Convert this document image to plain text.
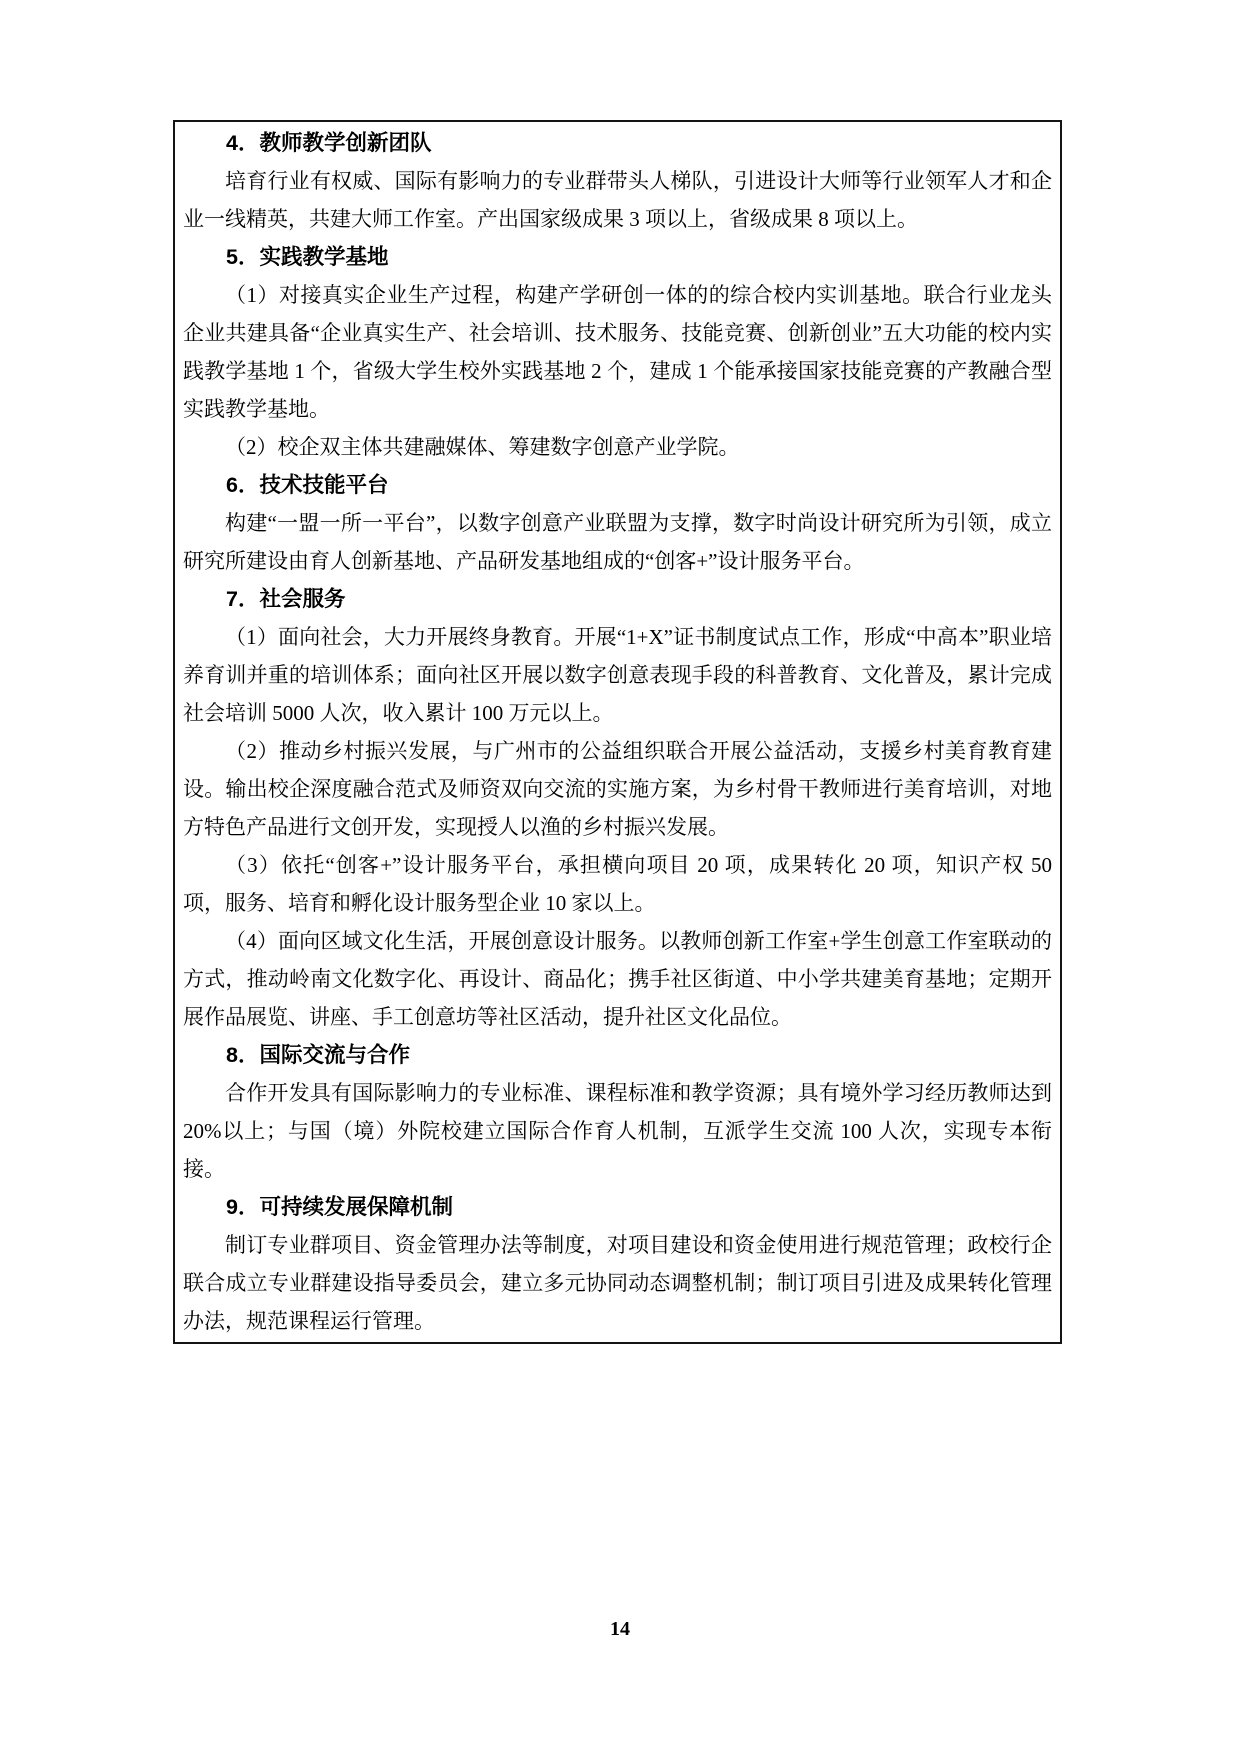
4．教师教学创新团队

培育行业有权威、国际有影响力的专业群带头人梯队，引进设计大师等行业领军人才和企业一线精英，共建大师工作室。产出国家级成果 3 项以上，省级成果 8 项以上。

5．实践教学基地

（1）对接真实企业生产过程，构建产学研创一体的的综合校内实训基地。联合行业龙头企业共建具备“企业真实生产、社会培训、技术服务、技能竞赛、创新创业”五大功能的校内实践教学基地 1 个，省级大学生校外实践基地 2 个，建成 1 个能承接国家技能竞赛的产教融合型实践教学基地。

（2）校企双主体共建融媒体、筹建数字创意产业学院。

6．技术技能平台

构建“一盟一所一平台”，以数字创意产业联盟为支撑，数字时尚设计研究所为引领，成立研究所建设由育人创新基地、产品研发基地组成的“创客+”设计服务平台。

7．社会服务

（1）面向社会，大力开展终身教育。开展“1+X”证书制度试点工作，形成“中高本”职业培养育训并重的培训体系；面向社区开展以数字创意表现手段的科普教育、文化普及，累计完成社会培训 5000 人次，收入累计 100 万元以上。

（2）推动乡村振兴发展，与广州市的公益组织联合开展公益活动，支援乡村美育教育建设。输出校企深度融合范式及师资双向交流的实施方案，为乡村骨干教师进行美育培训，对地方特色产品进行文创开发，实现授人以渔的乡村振兴发展。

（3）依托“创客+”设计服务平台，承担横向项目 20 项，成果转化 20 项，知识产权 50 项，服务、培育和孵化设计服务型企业 10 家以上。

（4）面向区域文化生活，开展创意设计服务。以教师创新工作室+学生创意工作室联动的方式，推动岭南文化数字化、再设计、商品化；携手社区街道、中小学共建美育基地；定期开展作品展览、讲座、手工创意坊等社区活动，提升社区文化品位。

8．国际交流与合作

合作开发具有国际影响力的专业标准、课程标准和教学资源；具有境外学习经历教师达到 20%以上；与国（境）外院校建立国际合作育人机制，互派学生交流 100 人次，实现专本衔接。

9．可持续发展保障机制

制订专业群项目、资金管理办法等制度，对项目建设和资金使用进行规范管理；政校行企联合成立专业群建设指导委员会，建立多元协同动态调整机制；制订项目引进及成果转化管理办法，规范课程运行管理。

14
